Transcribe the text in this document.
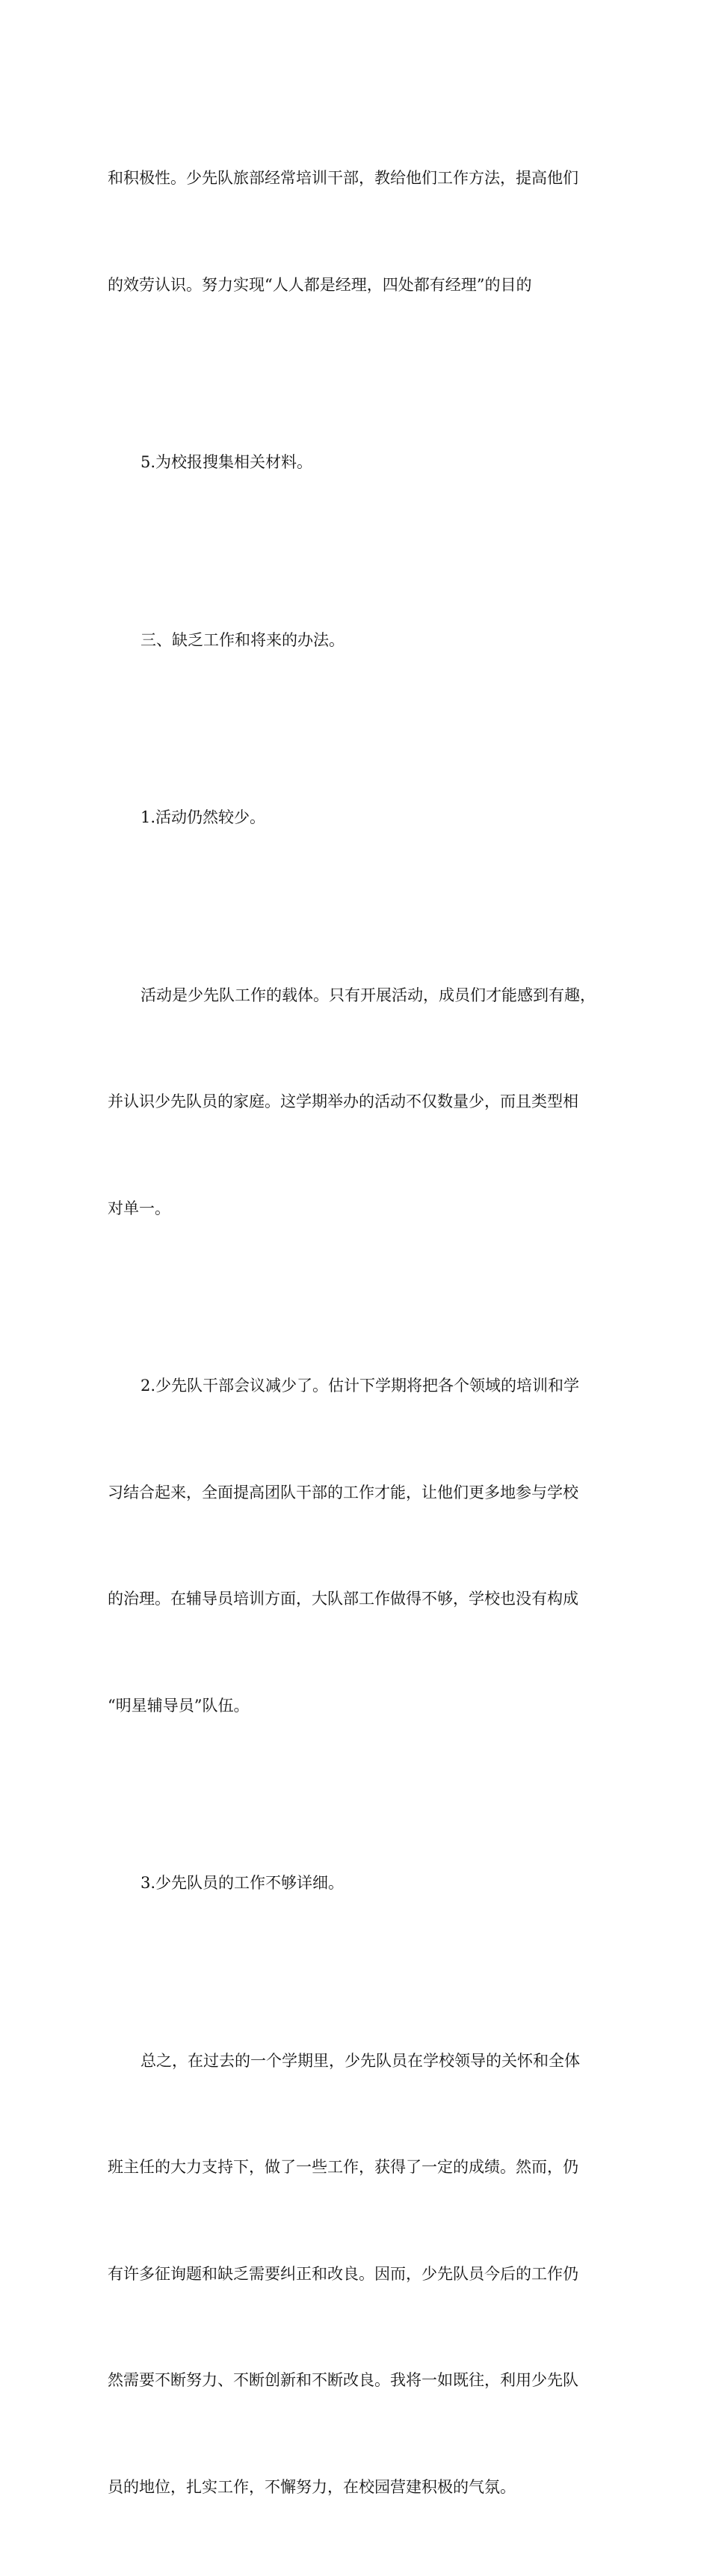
和积极性。少先队旅部经常培训干部，教给他们工作方法，提高他们

的效劳认识。努力实现“人人都是经理，四处都有经理”的目的

5.为校报搜集相关材料。

三、缺乏工作和将来的办法。

1.活动仍然较少。

活动是少先队工作的载体。只有开展活动，成员们才能感到有趣，

并认识少先队员的家庭。这学期举办的活动不仅数量少，而且类型相

对单一。

2.少先队干部会议减少了。估计下学期将把各个领域的培训和学

习结合起来，全面提高团队干部的工作才能，让他们更多地参与学校

的治理。在辅导员培训方面，大队部工作做得不够，学校也没有构成

“明星辅导员”队伍。

3.少先队员的工作不够详细。

总之，在过去的一个学期里，少先队员在学校领导的关怀和全体

班主任的大力支持下，做了一些工作，获得了一定的成绩。然而，仍

有许多征询题和缺乏需要纠正和改良。因而，少先队员今后的工作仍

然需要不断努力、不断创新和不断改良。我将一如既往，利用少先队

员的地位，扎实工作，不懈努力，在校园营建积极的气氛。
